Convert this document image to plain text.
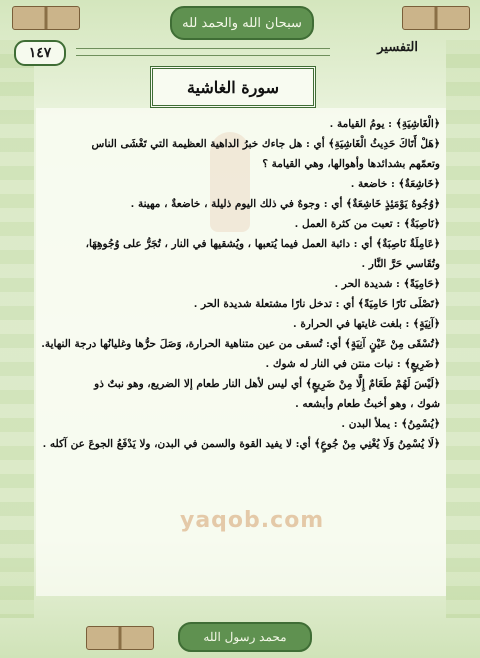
سبحان الله والحمد لله
١٤٧	التفسير
سورة الغاشية
yaqob.com
﴿الْغَاشِيَةِ﴾ : يومُ القيامة .
﴿هَلْ أَتَاكَ حَدِيثُ الْغَاشِيَةِ﴾ أي : هل جاءك خبرُ الداهية العظيمة التي تَغْشَى الناس
وتعمّهم بشدائدها وأهوالها، وهي القيامة ؟
﴿خَاشِعَةٌ﴾ : خاضعة .
﴿وُجُوهٌ يَوْمَئِذٍ خَاشِعَةٌ﴾ أي : وجوهٌ في ذلك اليوم ذليلة ، خاضعةٌ ، مهينة .
﴿نَاصِبَةٌ﴾ : تعبت من كثرة العمل .
﴿عَامِلَةٌ نَاصِبَةٌ﴾ أي : دائبة العمل فيما يُتعبها ، ويُشقيها في النار ، تُجَرُّ على وُجُوهِهَا،
وتُقَاسي حَرَّ النَّار .
﴿حَامِيَةً﴾ : شديدة الحر .
﴿تَصْلَى نَارًا حَامِيَةً﴾ أي : تدخل نارًا مشتعلة شديدة الحر .
﴿آنِيَةٍ﴾ : بلغت غايتها في الحرارة .
﴿تُسْقَى مِنْ عَيْنٍ آنِيَةٍ﴾ أي: تُسقى من عين متناهية الحرارة، وَصَلَ حرُّها وغليانُها درجة النهاية.
﴿ضَرِيعٍ﴾ : نبات منتن في النار له شوك .
﴿لَيْسَ لَهُمْ طَعَامٌ إِلَّا مِنْ ضَرِيعٍ﴾ أي ليس لأهل النار طعام إلا الضريع، وهو نبتٌ ذو
شوك ، وهو أخبثُ طعام وأبشعه .
﴿يُسْمِنُ﴾ : يملأ البدن .
﴿لَا يُسْمِنُ وَلَا يُغْنِي مِنْ جُوعٍ﴾ أي: لا يفيد القوة والسمن في البدن، ولا يَدْفَعُ الجوعَ عن آكله .
محمد رسول الله
